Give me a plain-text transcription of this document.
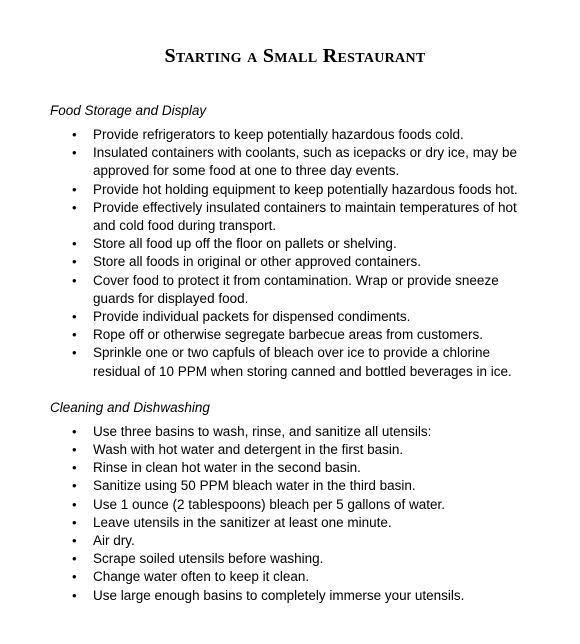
Starting a Small Restaurant

Food Storage and Display

• Provide refrigerators to keep potentially hazardous foods cold.
• Insulated containers with coolants, such as icepacks or dry ice, may be approved for some food at one to three day events.
• Provide hot holding equipment to keep potentially hazardous foods hot.
• Provide effectively insulated containers to maintain temperatures of hot and cold food during transport.
• Store all food up off the floor on pallets or shelving.
• Store all foods in original or other approved containers.
• Cover food to protect it from contamination. Wrap or provide sneeze guards for displayed food.
• Provide individual packets for dispensed condiments.
• Rope off or otherwise segregate barbecue areas from customers.
• Sprinkle one or two capfuls of bleach over ice to provide a chlorine residual of 10 PPM when storing canned and bottled beverages in ice.

Cleaning and Dishwashing

• Use three basins to wash, rinse, and sanitize all utensils:
• Wash with hot water and detergent in the first basin.
• Rinse in clean hot water in the second basin.
• Sanitize using 50 PPM bleach water in the third basin.
• Use 1 ounce (2 tablespoons) bleach per 5 gallons of water.
• Leave utensils in the sanitizer at least one minute.
• Air dry.
• Scrape soiled utensils before washing.
• Change water often to keep it clean.
• Use large enough basins to completely immerse your utensils.
